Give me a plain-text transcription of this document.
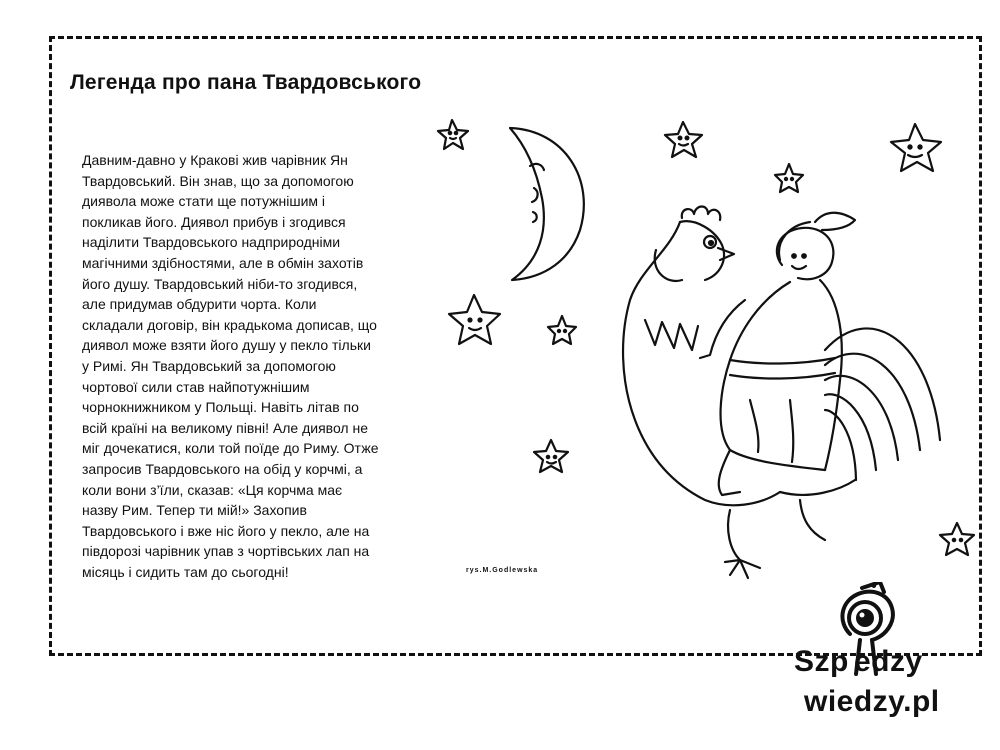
Легенда про пана Твардовського

Давним-давно у Кракові жив чарівник Ян
Твардовський. Він знав, що за допомогою
диявола може стати ще потужнішим і
покликав його. Диявол прибув і згодився
наділити Твардовського надприродніми
магічними здібностями, але в обмін захотів
його душу. Твардовський ніби-то згодився,
але придумав обдурити чорта. Коли
складали договір, він крадькома дописав, що
диявол може взяти його душу у пекло тільки
у Римі. Ян Твардовський за допомогою
чортової сили став найпотужнішим
чорнокнижником у Польщі. Навіть літав по
всій країні на великому півні! Але диявол не
міг дочекатися, коли той поїде до Риму. Отже
запросив Твардовського на обід у корчмі, а
коли вони з’їли, сказав: «Ця корчма має
назву Рим. Тепер ти мій!» Захопив
Твардовського і вже ніс його у пекло, але на
півдорозі чарівник упав з чортівських лап на
місяць і сидить там до сьогодні!	rys.M.Godlewska
Szp edzy
wiedzy.pl
